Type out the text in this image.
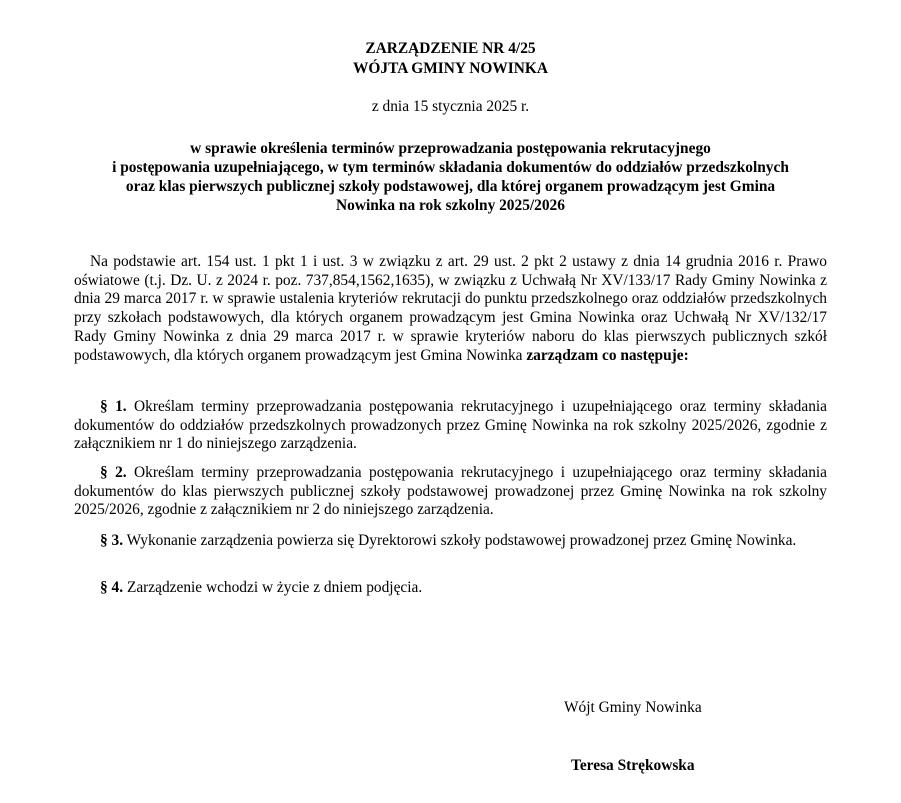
ZARZĄDZENIE NR 4/25
WÓJTA GMINY NOWINKA
z dnia 15 stycznia 2025 r.
w sprawie określenia terminów przeprowadzania postępowania rekrutacyjnego
i postępowania uzupełniającego, w tym terminów składania dokumentów do oddziałów przedszkolnych
oraz klas pierwszych publicznej szkoły podstawowej, dla której organem prowadzącym jest Gmina
Nowinka na rok szkolny 2025/2026

Na podstawie art. 154 ust. 1 pkt 1 i ust. 3 w związku z art. 29 ust. 2 pkt 2 ustawy z dnia 14 grudnia 2016 r. Prawo oświatowe (t.j. Dz. U. z 2024 r. poz. 737,854,1562,1635), w związku z Uchwałą Nr XV/133/17 Rady Gminy Nowinka z dnia 29 marca 2017 r. w sprawie ustalenia kryteriów rekrutacji do punktu przedszkolnego oraz oddziałów przedszkolnych przy szkołach podstawowych, dla których organem prowadzącym jest Gmina Nowinka oraz Uchwałą Nr XV/132/17 Rady Gminy Nowinka z dnia 29 marca 2017 r. w sprawie kryteriów naboru do klas pierwszych publicznych szkół podstawowych, dla których organem prowadzącym jest Gmina Nowinka zarządzam co następuje:

§ 1. Określam terminy przeprowadzania postępowania rekrutacyjnego i uzupełniającego oraz terminy składania dokumentów do oddziałów przedszkolnych prowadzonych przez Gminę Nowinka na rok szkolny 2025/2026, zgodnie z załącznikiem nr 1 do niniejszego zarządzenia.

§ 2. Określam terminy przeprowadzania postępowania rekrutacyjnego i uzupełniającego oraz terminy składania dokumentów do klas pierwszych publicznej szkoły podstawowej prowadzonej przez Gminę Nowinka na rok szkolny 2025/2026, zgodnie z załącznikiem nr 2 do niniejszego zarządzenia.

§ 3. Wykonanie zarządzenia powierza się Dyrektorowi szkoły podstawowej prowadzonej przez Gminę Nowinka.

§ 4. Zarządzenie wchodzi w życie z dniem podjęcia.

Wójt Gminy Nowinka
Teresa Strękowska
